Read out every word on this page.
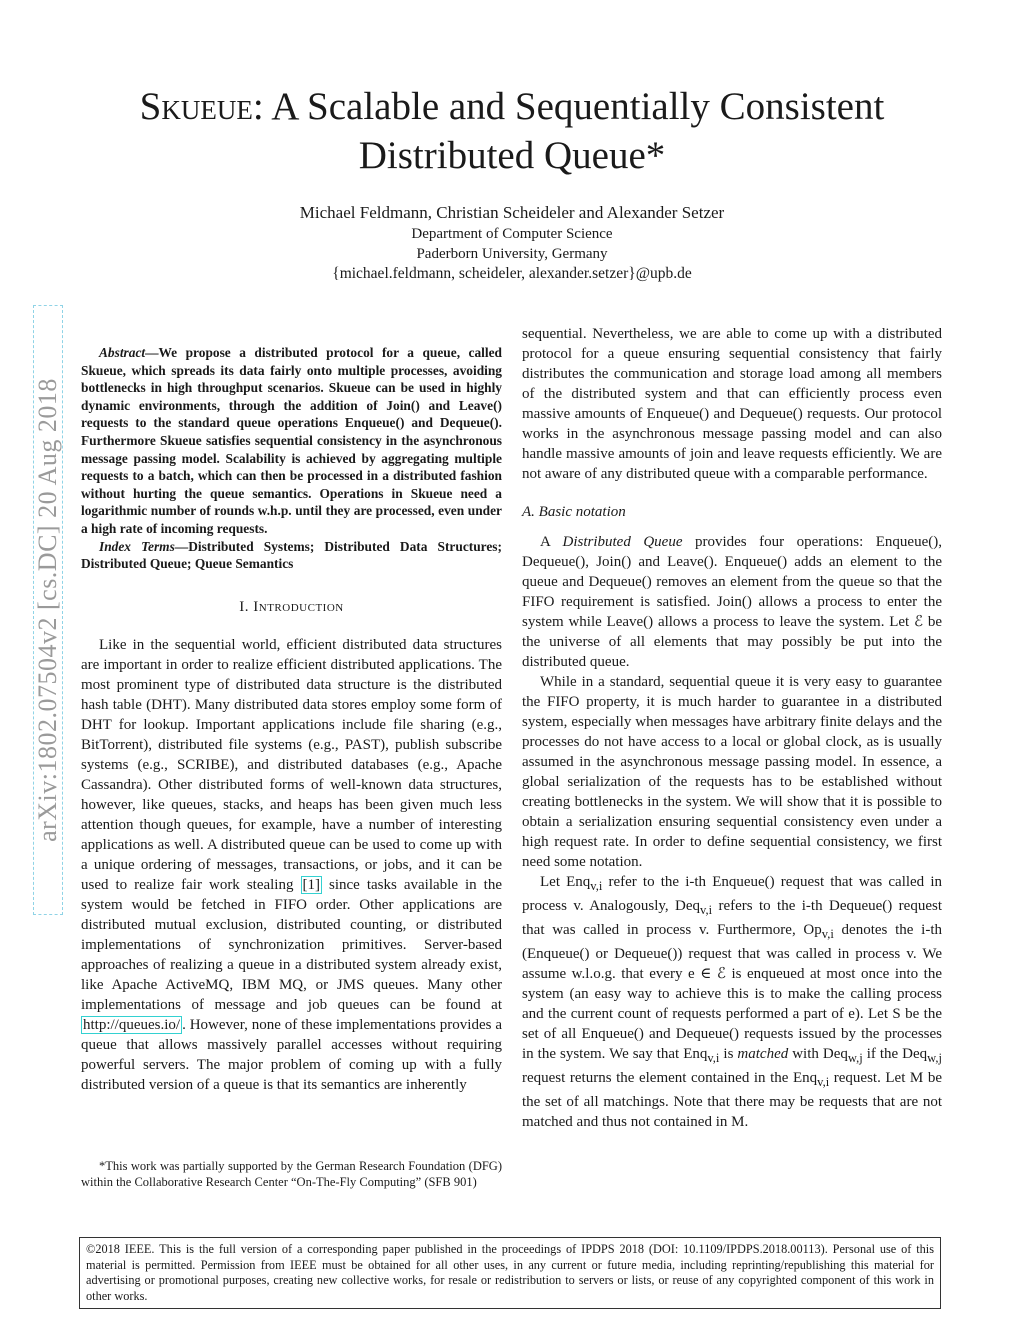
Skueue: A Scalable and Sequentially Consistent
Distributed Queue*
Michael Feldmann, Christian Scheideler and Alexander Setzer
Department of Computer Science
Paderborn University, Germany
{michael.feldmann, scheideler, alexander.setzer}@upb.de
arXiv:1802.07504v2 [cs.DC] 20 Aug 2018

Abstract—We propose a distributed protocol for a queue, called Skueue, which spreads its data fairly onto multiple processes, avoiding bottlenecks in high throughput scenarios. Skueue can be used in highly dynamic environments, through the addition of Join() and Leave() requests to the standard queue operations Enqueue() and Dequeue(). Furthermore Skueue satisfies sequential consistency in the asynchronous message passing model. Scalability is achieved by aggregating multiple requests to a batch, which can then be processed in a distributed fashion without hurting the queue semantics. Operations in Skueue need a logarithmic number of rounds w.h.p. until they are processed, even under a high rate of incoming requests.

Index Terms—Distributed Systems; Distributed Data Structures; Distributed Queue; Queue Semantics

I. Introduction

Like in the sequential world, efficient distributed data structures are important in order to realize efficient distributed applications. The most prominent type of distributed data structure is the distributed hash table (DHT). Many distributed data stores employ some form of DHT for lookup. Important applications include file sharing (e.g., BitTorrent), distributed file systems (e.g., PAST), publish subscribe systems (e.g., SCRIBE), and distributed databases (e.g., Apache Cassandra). Other distributed forms of well-known data structures, however, like queues, stacks, and heaps has been given much less attention though queues, for example, have a number of interesting applications as well. A distributed queue can be used to come up with a unique ordering of messages, transactions, or jobs, and it can be used to realize fair work stealing [1] since tasks available in the system would be fetched in FIFO order. Other applications are distributed mutual exclusion, distributed counting, or distributed implementations of synchronization primitives. Server-based approaches of realizing a queue in a distributed system already exist, like Apache ActiveMQ, IBM MQ, or JMS queues. Many other implementations of message and job queues can be found at http://queues.io/ . However, none of these implementations provides a queue that allows massively parallel accesses without requiring powerful servers. The major problem of coming up with a fully distributed version of a queue is that its semantics are inherently

*This work was partially supported by the German Research Foundation (DFG) within the Collaborative Research Center “On-The-Fly Computing” (SFB 901)

sequential. Nevertheless, we are able to come up with a distributed protocol for a queue ensuring sequential consistency that fairly distributes the communication and storage load among all members of the distributed system and that can efficiently process even massive amounts of Enqueue() and Dequeue() requests. Our protocol works in the asynchronous message passing model and can also handle massive amounts of join and leave requests efficiently. We are not aware of any distributed queue with a comparable performance.

A. Basic notation

A Distributed Queue provides four operations: Enqueue(), Dequeue(), Join() and Leave(). Enqueue() adds an element to the queue and Dequeue() removes an element from the queue so that the FIFO requirement is satisfied. Join() allows a process to enter the system while Leave() allows a process to leave the system. Let ℰ be the universe of all elements that may possibly be put into the distributed queue.

While in a standard, sequential queue it is very easy to guarantee the FIFO property, it is much harder to guarantee in a distributed system, especially when messages have arbitrary finite delays and the processes do not have access to a local or global clock, as is usually assumed in the asynchronous message passing model. In essence, a global serialization of the requests has to be established without creating bottlenecks in the system. We will show that it is possible to obtain a serialization ensuring sequential consistency even under a high request rate. In order to define sequential consistency, we first need some notation.

Let Enq$_{v,i}$ refer to the i-th Enqueue() request that was called in process v. Analogously, Deq$_{v,i}$ refers to the i-th Dequeue() request that was called in process v. Furthermore, $Op_{v,i}$ denotes the i-th (Enqueue() or Dequeue()) request that was called in process v. We assume w.l.o.g. that every e ∈ ℰ is enqueued at most once into the system (an easy way to achieve this is to make the calling process and the current count of requests performed a part of e). Let S be the set of all Enqueue() and Dequeue() requests issued by the processes in the system. We say that Enq$_{v,i}$ is matched with Deq$_{w,j}$ if the Deq$_{w,j}$ request returns the element contained in the Enq$_{v,i}$ request. Let M be the set of all matchings. Note that there may be requests that are not matched and thus not contained in M.

©2018 IEEE. This is the full version of a corresponding paper published in the proceedings of IPDPS 2018 (DOI: 10.1109/IPDPS.2018.00113). Personal use of this material is permitted. Permission from IEEE must be obtained for all other uses, in any current or future media, including reprinting/republishing this material for advertising or promotional purposes, creating new collective works, for resale or redistribution to servers or lists, or reuse of any copyrighted component of this work in other works.
